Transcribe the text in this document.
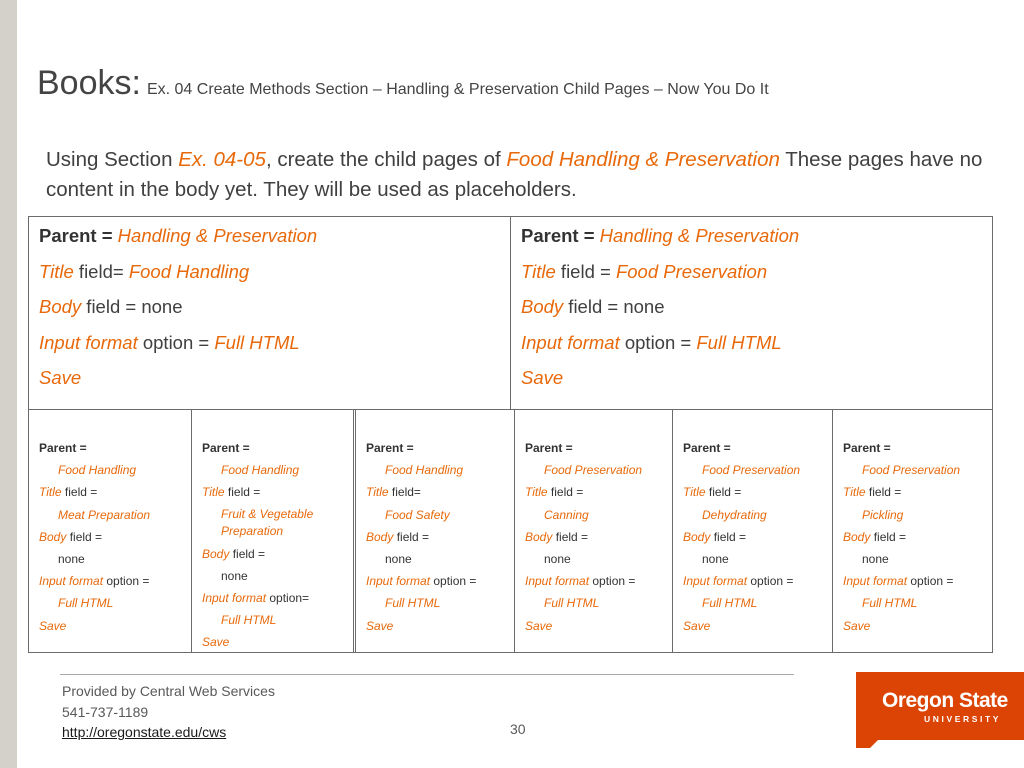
Books: Ex. 04 Create Methods Section – Handling & Preservation Child Pages – Now You Do It
Using Section Ex. 04-05, create the child pages of Food Handling & Preservation These pages have no content in the body yet. They will be used as placeholders.
Parent = Handling & Preservation
Title field= Food Handling
Body field = none
Input format option = Full HTML
Save
Parent = Handling & Preservation
Title field = Food Preservation
Body field = none
Input format option = Full HTML
Save
Parent =
Food Handling
Title field =
Meat Preparation
Body field =
none
Input format option =
Full HTML
Save
Parent =
Food Handling
Title field =
Fruit & Vegetable Preparation
Body field =
none
Input format option=
Full HTML
Save
Parent =
Food Handling
Title field=
Food Safety
Body field =
none
Input format option =
Full HTML
Save
Parent =
Food Preservation
Title field =
Canning
Body field =
none
Input format option =
Full HTML
Save
Parent =
Food Preservation
Title field =
Dehydrating
Body field =
none
Input format option =
Full HTML
Save
Parent =
Food Preservation
Title field =
Pickling
Body field =
none
Input format option =
Full HTML
Save
Provided by Central Web Services
541-737-1189
http://oregonstate.edu/cws	30
Oregon State
UNIVERSITY
